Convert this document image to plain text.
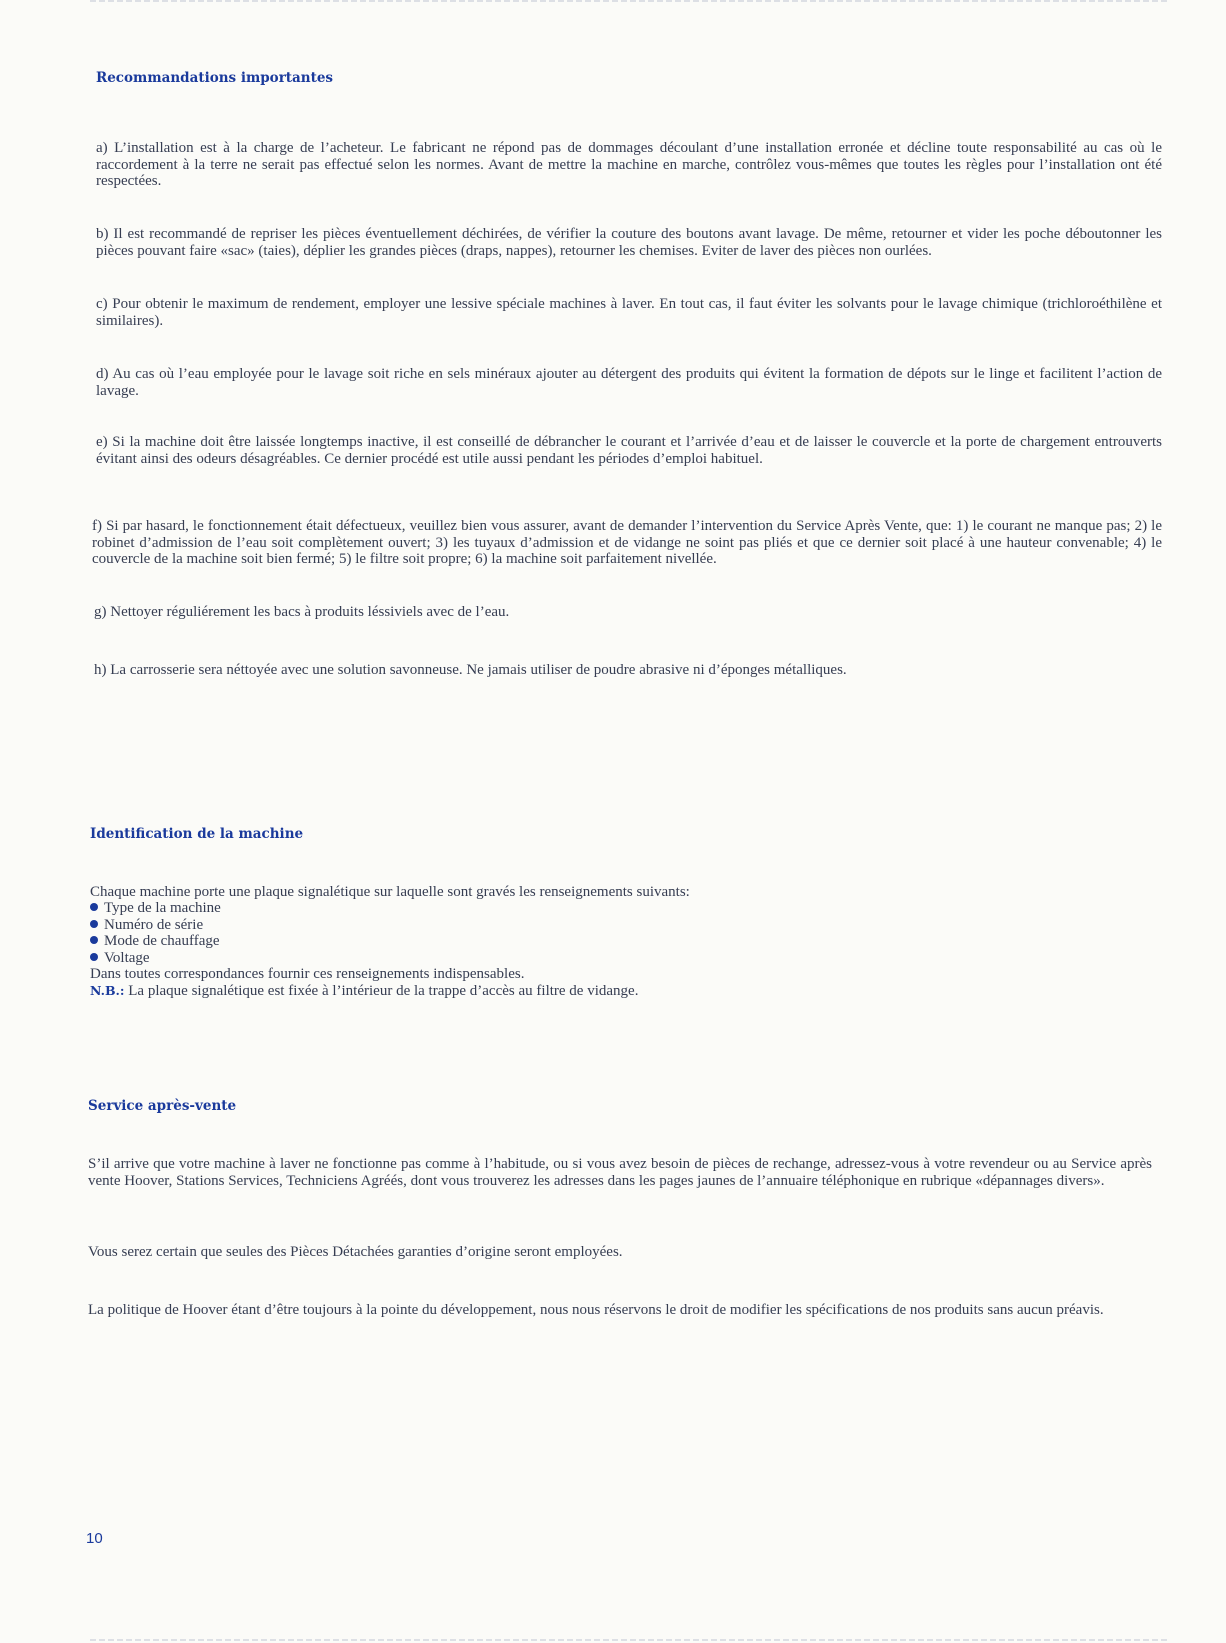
Recommandations importantes

a) L’installation est à la charge de l’acheteur. Le fabricant ne répond pas de dommages découlant d’une installation erronée et décline toute responsabilité au cas où le raccordement à la terre ne serait pas effectué selon les normes. Avant de mettre la machine en marche, contrôlez vous-mêmes que toutes les règles pour l’installation ont été respectées.

b) Il est recommandé de repriser les pièces éventuellement déchirées, de vérifier la couture des boutons avant lavage. De même, retourner et vider les poche déboutonner les pièces pouvant faire «sac» (taies), déplier les grandes pièces (draps, nappes), retourner les chemises. Eviter de laver des pièces non ourlées.

c) Pour obtenir le maximum de rendement, employer une lessive spéciale machines à laver. En tout cas, il faut éviter les solvants pour le lavage chimique (trichloroéthilène et similaires).

d) Au cas où l’eau employée pour le lavage soit riche en sels minéraux ajouter au détergent des produits qui évitent la formation de dépots sur le linge et facilitent l’action de lavage.

e) Si la machine doit être laissée longtemps inactive, il est conseillé de débrancher le courant et l’arrivée d’eau et de laisser le couvercle et la porte de chargement entrouverts évitant ainsi des odeurs désagréables. Ce dernier procédé est utile aussi pendant les périodes d’emploi habituel.

f) Si par hasard, le fonctionnement était défectueux, veuillez bien vous assurer, avant de demander l’intervention du Service Après Vente, que: 1) le courant ne manque pas; 2) le robinet d’admission de l’eau soit complètement ouvert; 3) les tuyaux d’admission et de vidange ne soint pas pliés et que ce dernier soit placé à une hauteur convenable; 4) le couvercle de la machine soit bien fermé; 5) le filtre soit propre; 6) la machine soit parfaitement nivellée.

g) Nettoyer réguliérement les bacs à produits léssiviels avec de l’eau.

h) La carrosserie sera néttoyée avec une solution savonneuse. Ne jamais utiliser de poudre abrasive ni d’éponges métalliques.

Identification de la machine

Chaque machine porte une plaque signalétique sur laquelle sont gravés les renseignements suivants:

Type de la machine
Numéro de série
Mode de chauffage
Voltage
Dans toutes correspondances fournir ces renseignements indispensables.
N.B.: La plaque signalétique est fixée à l’intérieur de la trappe d’accès au filtre de vidange.
Service après-vente

S’il arrive que votre machine à laver ne fonctionne pas comme à l’habitude, ou si vous avez besoin de pièces de rechange, adressez-vous à votre revendeur ou au Service après vente Hoover, Stations Services, Techniciens Agréés, dont vous trouverez les adresses dans les pages jaunes de l’annuaire téléphonique en rubrique «dépannages divers».

Vous serez certain que seules des Pièces Détachées garanties d’origine seront employées.

La politique de Hoover étant d’être toujours à la pointe du développement, nous nous réservons le droit de modifier les spécifications de nos produits sans aucun préavis.

10
